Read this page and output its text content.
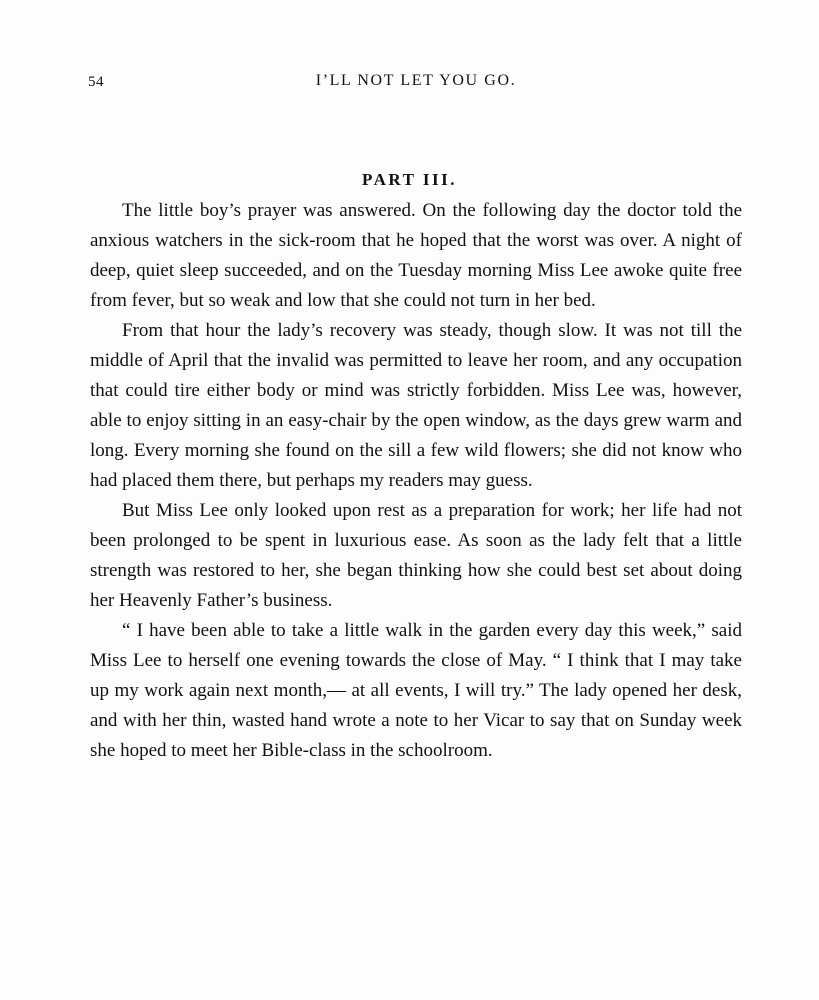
54	I’LL NOT LET YOU GO.
PART III.

The little boy’s prayer was answered. On the following day the doctor told the anxious watchers in the sick-room that he hoped that the worst was over. A night of deep, quiet sleep succeeded, and on the Tuesday morning Miss Lee awoke quite free from fever, but so weak and low that she could not turn in her bed.

From that hour the lady’s recovery was steady, though slow. It was not till the middle of April that the invalid was permitted to leave her room, and any occupation that could tire either body or mind was strictly forbidden. Miss Lee was, however, able to enjoy sitting in an easy-chair by the open window, as the days grew warm and long. Every morning she found on the sill a few wild flowers; she did not know who had placed them there, but perhaps my readers may guess.

But Miss Lee only looked upon rest as a preparation for work; her life had not been prolonged to be spent in luxurious ease. As soon as the lady felt that a little strength was restored to her, she began thinking how she could best set about doing her Heavenly Father’s business.

“ I have been able to take a little walk in the garden every day this week,” said Miss Lee to herself one evening towards the close of May. “ I think that I may take up my work again next month,— at all events, I will try.” The lady opened her desk, and with her thin, wasted hand wrote a note to her Vicar to say that on Sunday week she hoped to meet her Bible-class in the schoolroom.
